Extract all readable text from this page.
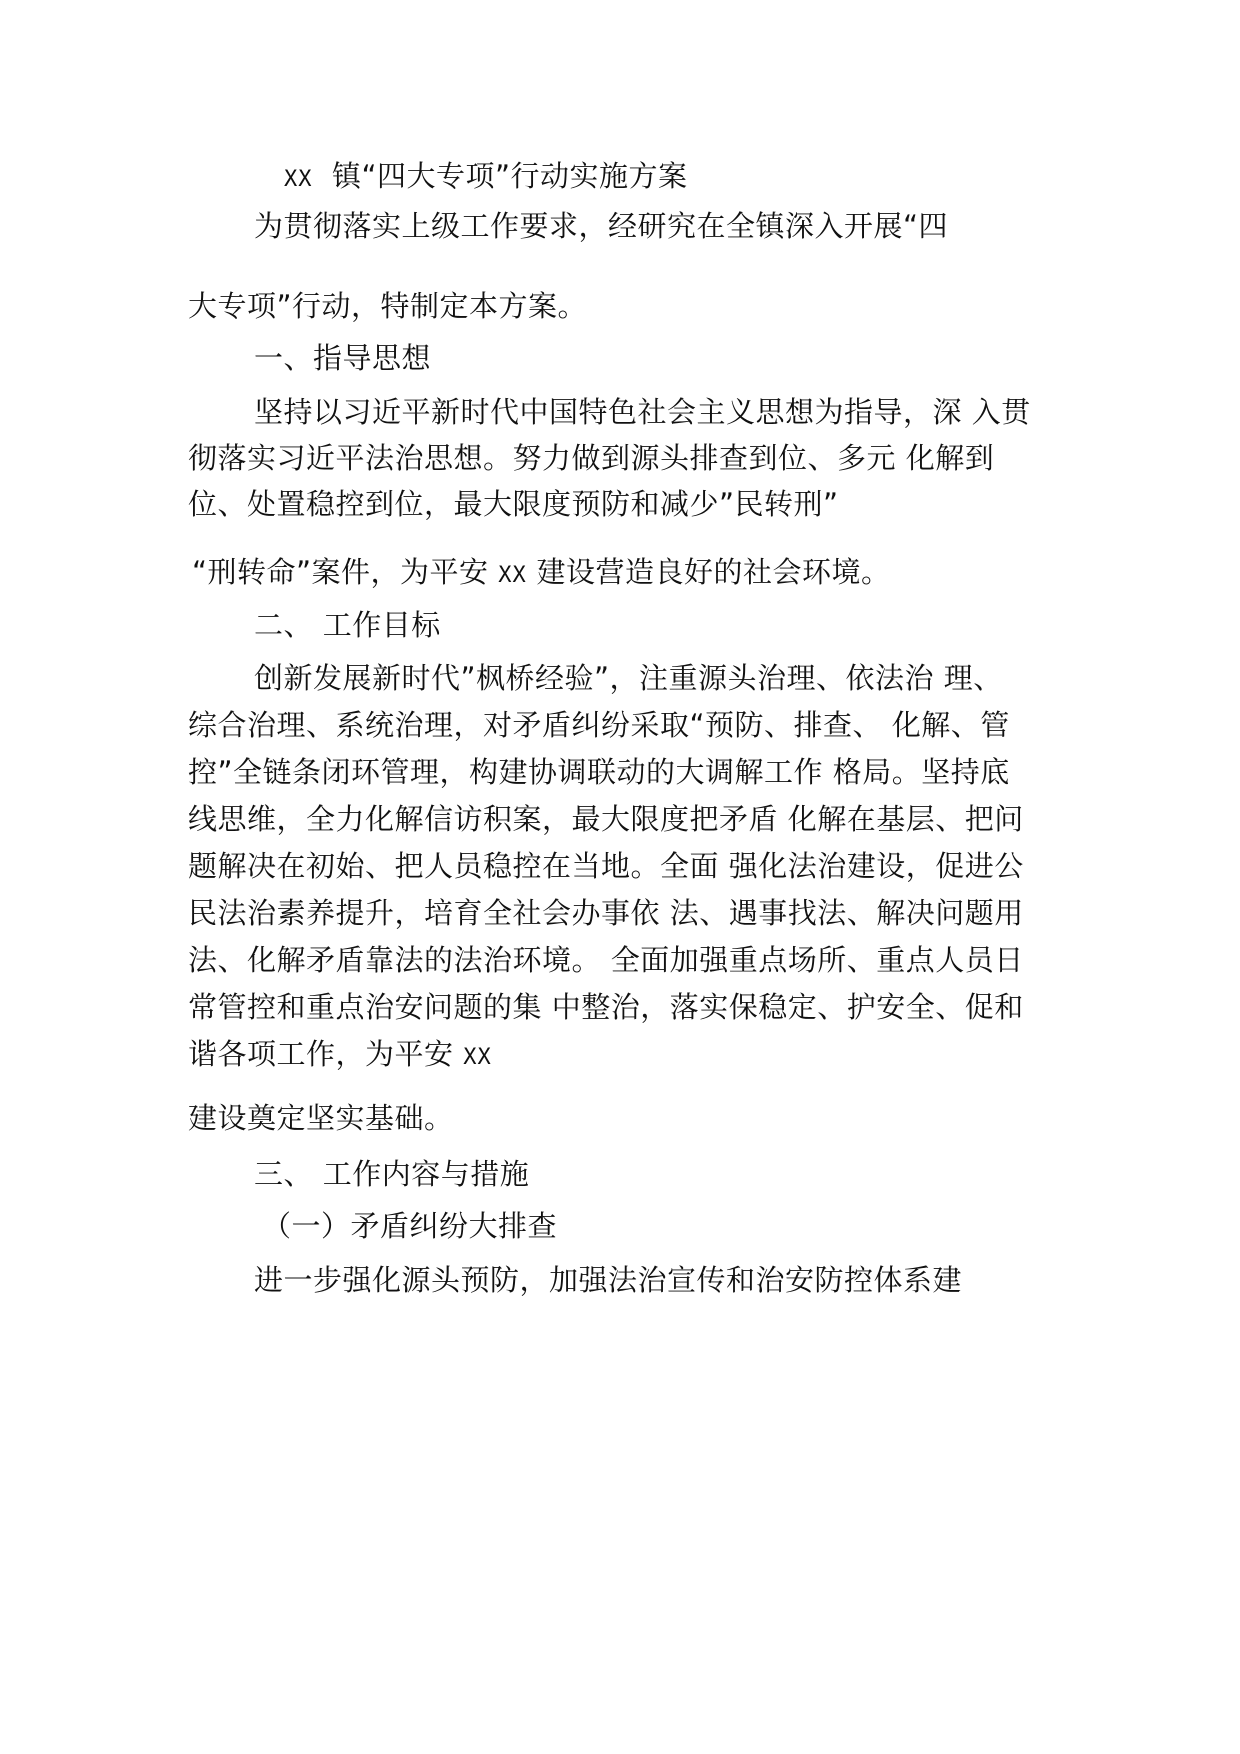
XX 镇“四大专项”行动实施方案
为贯彻落实上级工作要求，经研究在全镇深入开展“四
大专项”行动，特制定本方案。
一、指导思想
坚持以习近平新时代中国特色社会主义思想为指导，深 入贯
彻落实习近平法治思想。努力做到源头排查到位、多元 化解到
位、处置稳控到位，最大限度预防和减少”民转刑”
“刑转命”案件，为平安 XX 建设营造良好的社会环境。
二、 工作目标
创新发展新时代”枫桥经验”，注重源头治理、依法治 理、
综合治理、系统治理，对矛盾纠纷采取“预防、排查、 化解、管
控”全链条闭环管理，构建协调联动的大调解工作 格局。坚持底
线思维，全力化解信访积案，最大限度把矛盾 化解在基层、把问
题解决在初始、把人员稳控在当地。全面 强化法治建设，促进公
民法治素养提升，培育全社会办事依 法、遇事找法、解决问题用
法、化解矛盾靠法的法治环境。 全面加强重点场所、重点人员日
常管控和重点治安问题的集 中整治，落实保稳定、护安全、促和
谐各项工作，为平安 XX
建设奠定坚实基础。
三、 工作内容与措施
（一）矛盾纠纷大排查
进一步强化源头预防，加强法治宣传和治安防控体系建
